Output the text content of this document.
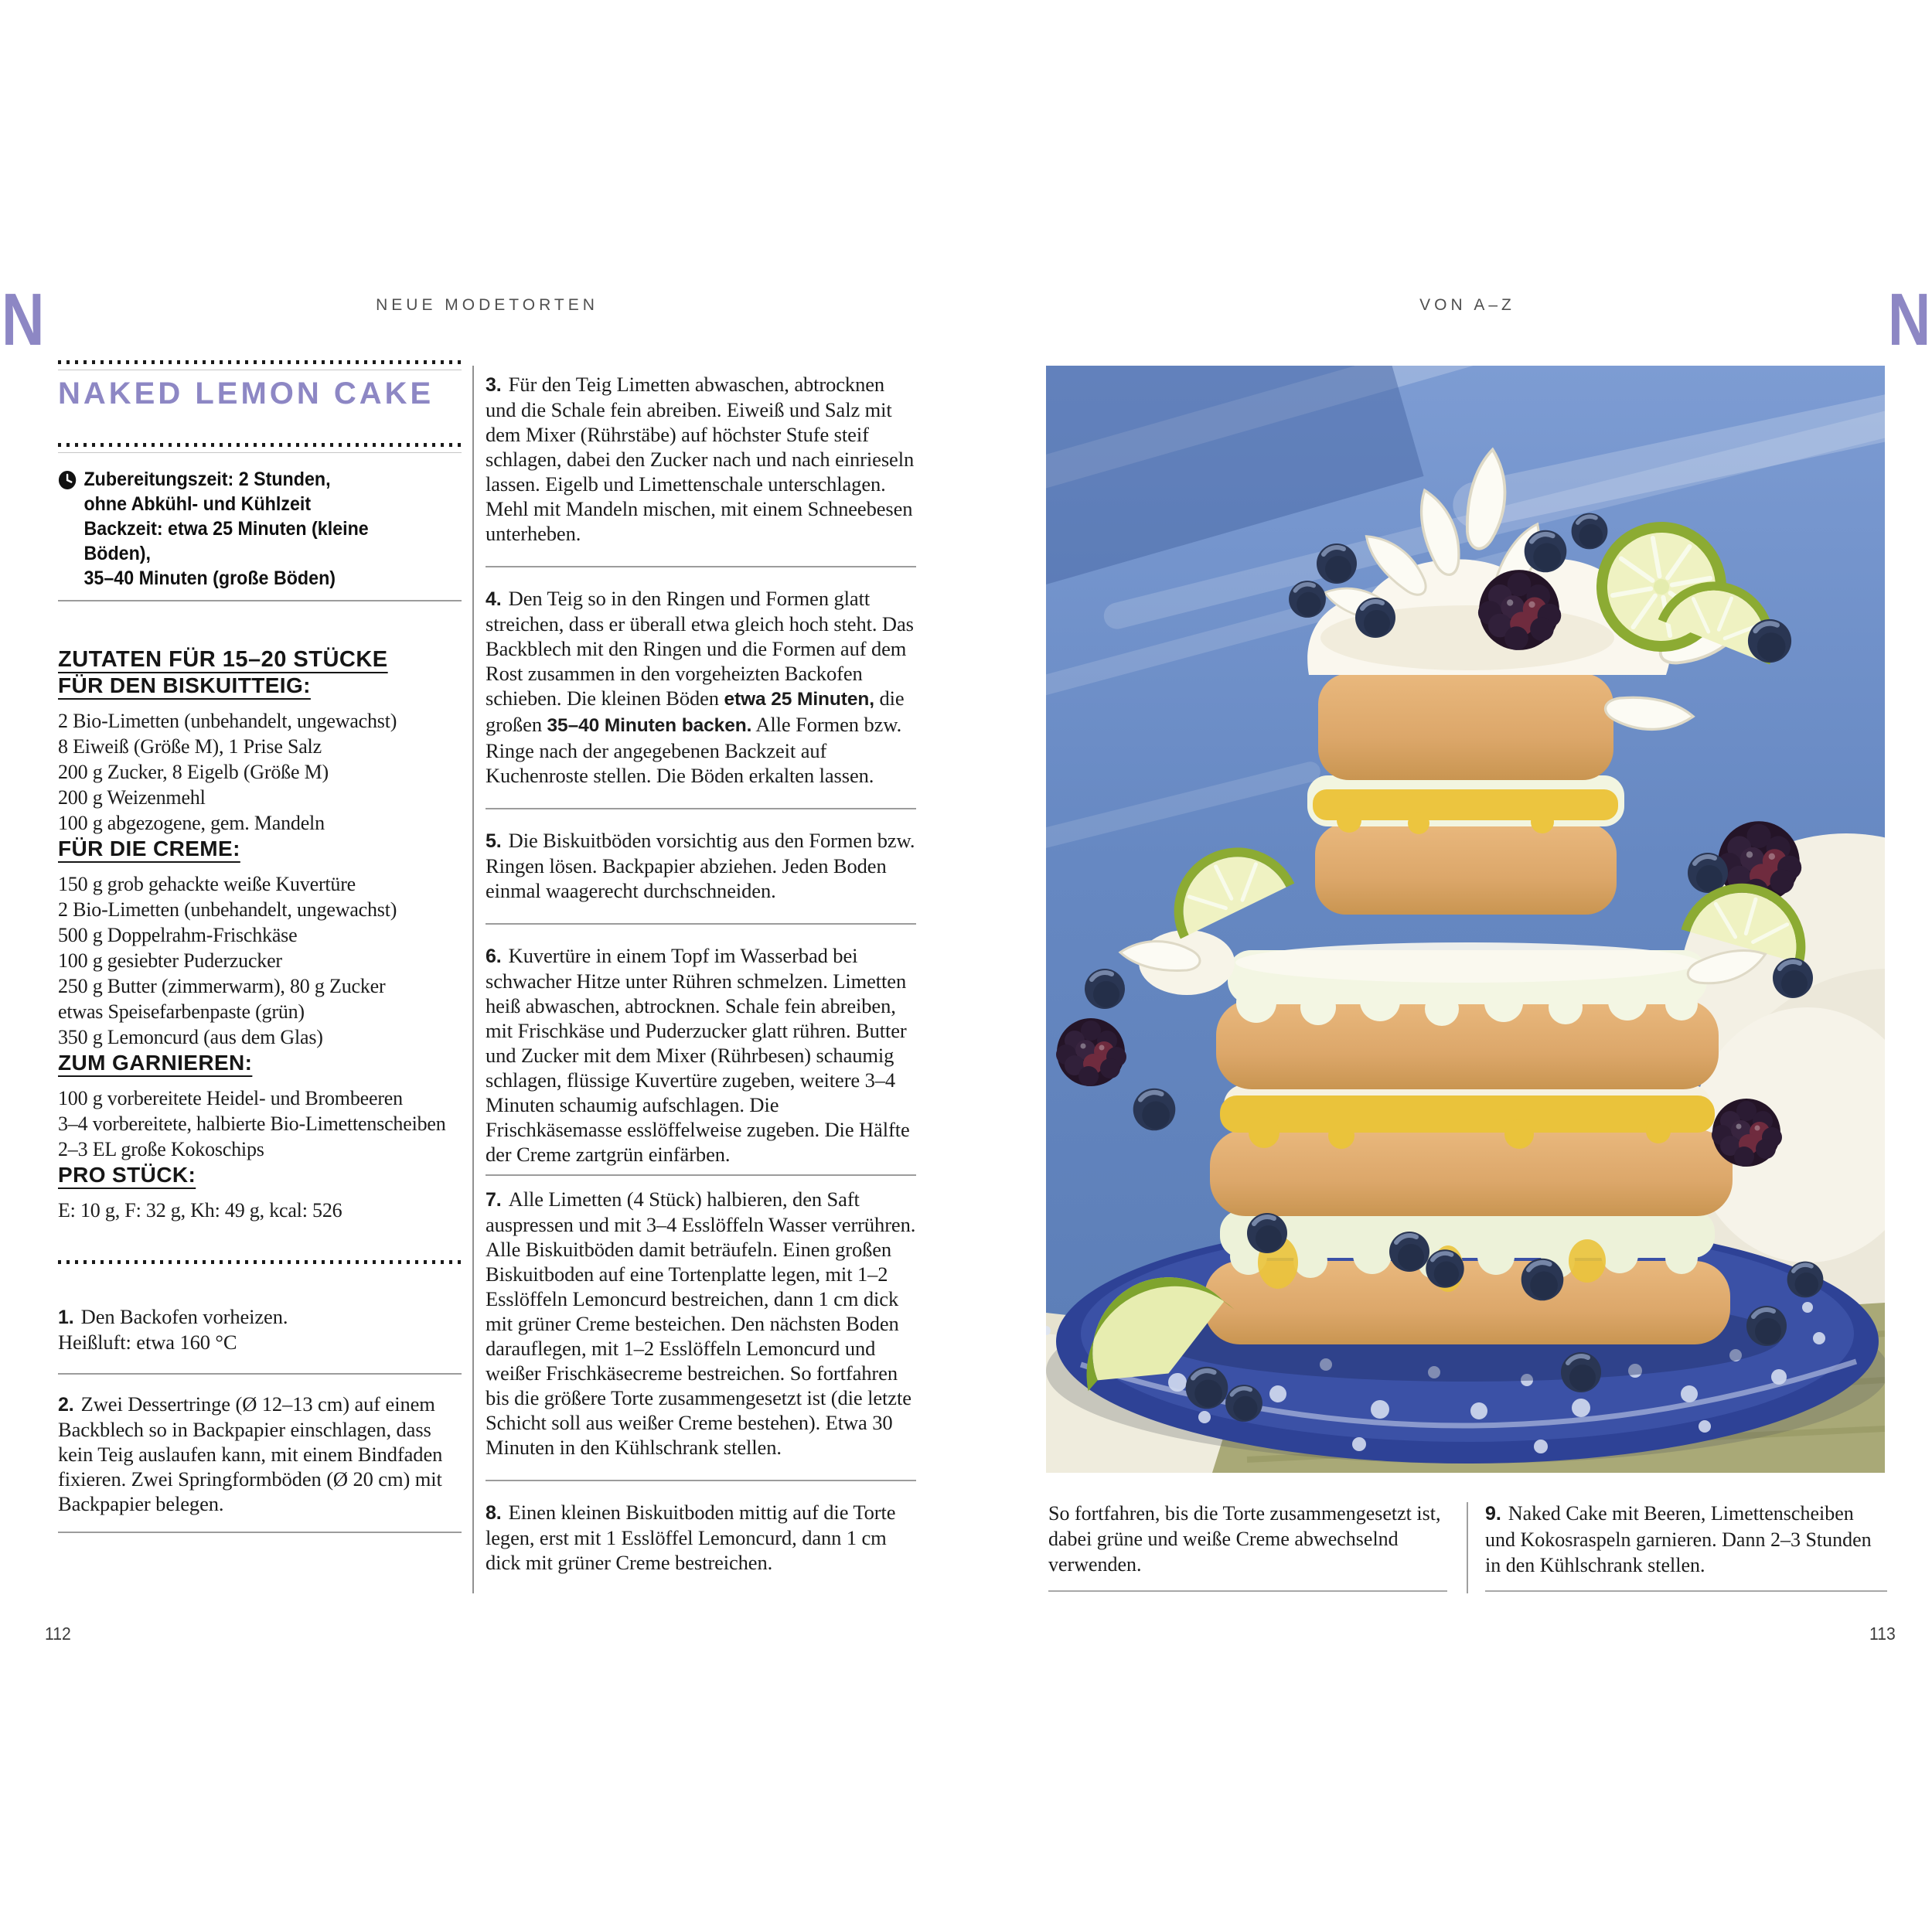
N	NEUE MODETORTEN	VON A–Z	N
NAKED LEMON CAKE
Zubereitungszeit: 2 Stunden,
ohne Abkühl- und Kühlzeit
Backzeit: etwa 25 Minuten (kleine Böden),
35–40 Minuten (große Böden)
ZUTATEN FÜR 15–20 STÜCKE
FÜR DEN BISKUITTEIG:
2 Bio-Limetten (unbehandelt, ungewachst)
8 Eiweiß (Größe M), 1 Prise Salz
200 g Zucker, 8 Eigelb (Größe M)
200 g Weizenmehl
100 g abgezogene, gem. Mandeln
FÜR DIE CREME:
150 g grob gehackte weiße Kuvertüre
2 Bio-Limetten (unbehandelt, ungewachst)
500 g Doppelrahm-Frischkäse
100 g gesiebter Puderzucker
250 g Butter (zimmerwarm), 80 g Zucker
etwas Speisefarbenpaste (grün)
350 g Lemoncurd (aus dem Glas)
ZUM GARNIEREN:
100 g vorbereitete Heidel- und Brombeeren
3–4 vorbereitete, halbierte Bio-Limettenscheiben
2–3 EL große Kokoschips
PRO STÜCK:
E: 10 g, F: 32 g, Kh: 49 g, kcal: 526

1. Den Backofen vorheizen.
Heißluft: etwa 160 °C

2. Zwei Dessertringe (Ø 12–13 cm) auf einem Backblech so in Backpapier einschlagen, dass kein Teig auslaufen kann, mit einem Bindfaden fixieren. Zwei Springformböden (Ø 20 cm) mit Backpapier belegen.

3. Für den Teig Limetten abwaschen, abtrocknen und die Schale fein abreiben. Eiweiß und Salz mit dem Mixer (Rührstäbe) auf höchster Stufe steif schlagen, dabei den Zucker nach und nach einrieseln lassen. Eigelb und Limettenschale unterschlagen. Mehl mit Mandeln mischen, mit einem Schneebesen unterheben.

4. Den Teig so in den Ringen und Formen glatt streichen, dass er überall etwa gleich hoch steht. Das Backblech mit den Ringen und die Formen auf dem Rost zusammen in den vorgeheizten Backofen schieben. Die kleinen Böden etwa 25 Minuten, die großen 35–40 Minuten backen. Alle Formen bzw. Ringe nach der angegebenen Backzeit auf Kuchenroste stellen. Die Böden erkalten lassen.

5. Die Biskuitböden vorsichtig aus den Formen bzw. Ringen lösen. Backpapier abziehen. Jeden Boden einmal waagerecht durchschneiden.

6. Kuvertüre in einem Topf im Wasserbad bei schwacher Hitze unter Rühren schmelzen. Limetten heiß abwaschen, abtrocknen. Schale fein abreiben, mit Frischkäse und Puderzucker glatt rühren. Butter und Zucker mit dem Mixer (Rührbesen) schaumig schlagen, flüssige Kuvertüre zugeben, weitere 3–4 Minuten schaumig aufschlagen. Die Frischkäsemasse esslöffelweise zugeben. Die Hälfte der Creme zartgrün einfärben.

7. Alle Limetten (4 Stück) halbieren, den Saft auspressen und mit 3–4 Esslöffeln Wasser verrühren. Alle Biskuitböden damit beträufeln. Einen großen Biskuitboden auf eine Tortenplatte legen, mit 1–2 Esslöffeln Lemoncurd bestreichen, dann 1 cm dick mit grüner Creme besteichen. Den nächsten Boden darauflegen, mit 1–2 Esslöffeln Lemoncurd und weißer Frischkäsecreme bestreichen. So fortfahren bis die größere Torte zusammengesetzt ist (die letzte Schicht soll aus weißer Creme bestehen). Etwa 30 Minuten in den Kühlschrank stellen.

8. Einen kleinen Biskuitboden mittig auf die Torte legen, erst mit 1 Esslöffel Lemoncurd, dann 1 cm dick mit grüner Creme bestreichen.

So fortfahren, bis die Torte zusammengesetzt ist, dabei grüne und weiße Creme abwechselnd verwenden.
9. Naked Cake mit Beeren, Limettenscheiben und Kokosraspeln garnieren. Dann 2–3 Stunden in den Kühlschrank stellen.
112	113
